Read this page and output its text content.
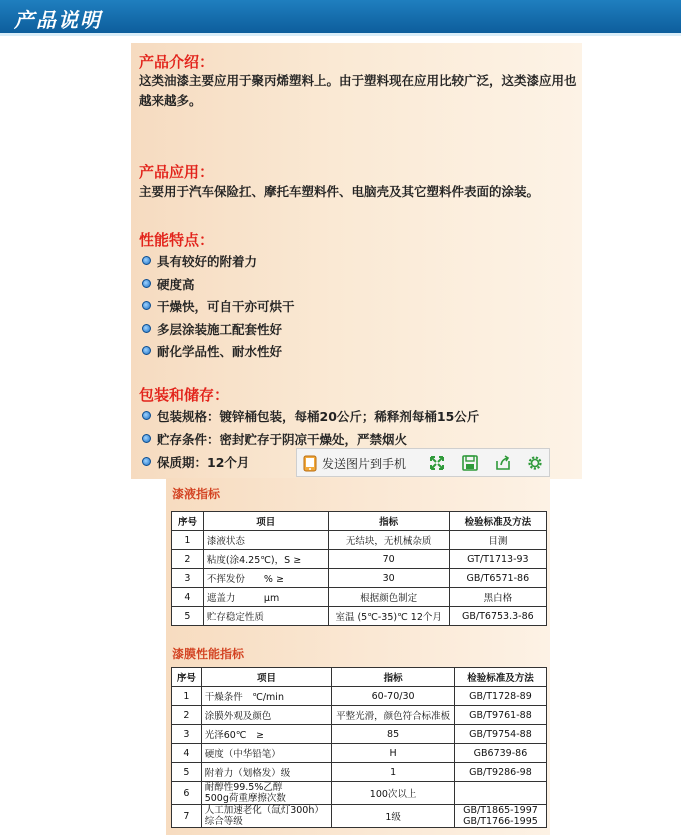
产品说明
产品介绍：
这类油漆主要应用于聚丙烯塑料上。由于塑料现在应用比较广泛，这类漆应用也越来越多。
产品应用：
主要用于汽车保险扛、摩托车塑料件、电脑壳及其它塑料件表面的涂装。
性能特点：
具有较好的附着力
硬度高
干燥快，可自干亦可烘干
多层涂装施工配套性好
耐化学品性、耐水性好
包装和储存：
包装规格：镀锌桶包装，每桶20公斤；稀释剂每桶15公斤
贮存条件：密封贮存于阴凉干燥处，严禁烟火
保质期：12个月	发送图片到手机
漆液指标
序号	项目	指标	检验标准及方法
1	漆液状态	无结块，无机械杂质	目测
2	粘度(涂4.25℃)，S ≥	70	GT/T1713-93
3	不挥发份　　% ≥	30	GB/T6571-86
4	遮盖力　　　μm	根据颜色制定	黑白格
5	贮存稳定性质	室温 (5℃-35)℃ 12个月	GB/T6753.3-86
漆膜性能指标
序号	项目	指标	检验标准及方法
1	干燥条件　℃/min	60-70/30	GB/T1728-89
2	涂膜外观及颜色	平整光滑，颜色符合标准板	GB/T9761-88
3	光泽60℃　≥	85	GB/T9754-88
4	硬度（中华铅笔）	H	GB6739-86
5	附着力（划格发）级	1	GB/T9286-98
6	耐醇性99.5%乙醇
500g荷重摩擦次数	100次以上	
7	人工加速老化（氙灯300h）
综合等级	1级	GB/T1865-1997
GB/T1766-1995
